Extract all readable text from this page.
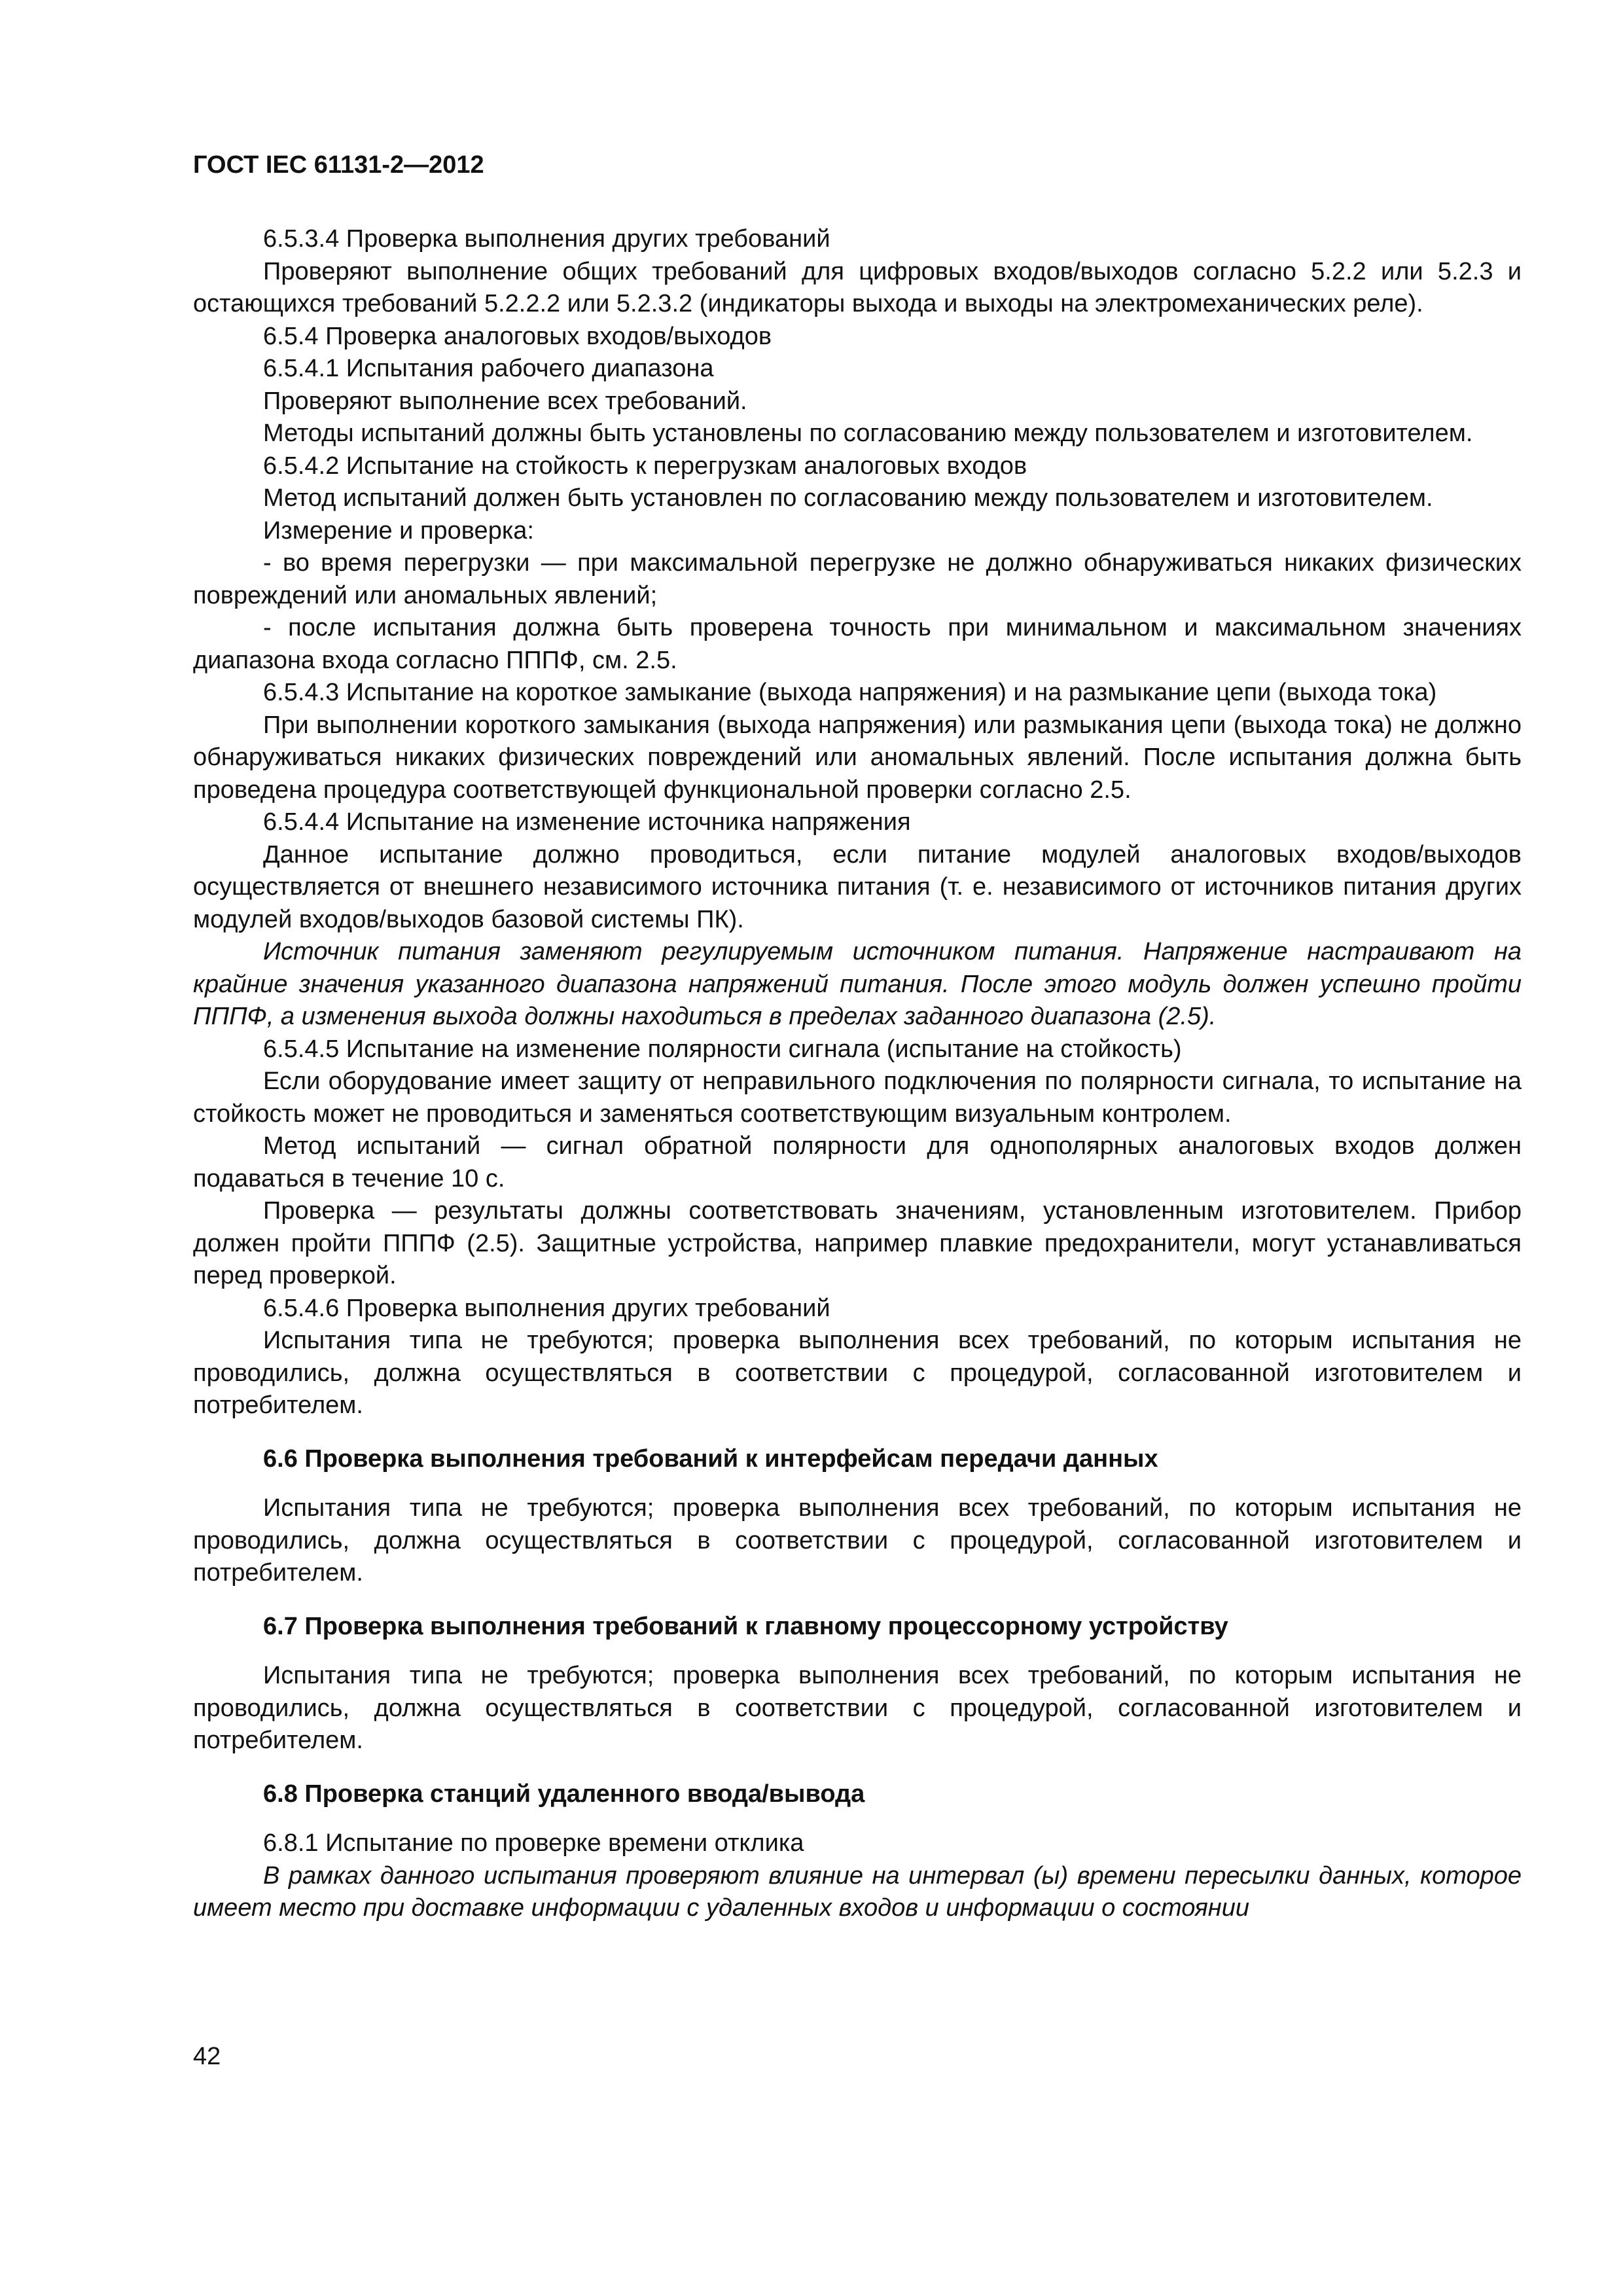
ГОСТ IEC 61131-2—2012

6.5.3.4 Проверка выполнения других требований

Проверяют выполнение общих требований для цифровых входов/выходов согласно 5.2.2 или 5.2.3 и остающихся требований 5.2.2.2 или 5.2.3.2 (индикаторы выхода и выходы на электромеханических реле).

6.5.4 Проверка аналоговых входов/выходов

6.5.4.1 Испытания рабочего диапазона

Проверяют выполнение всех требований.

Методы испытаний должны быть установлены по согласованию между пользователем и изготовителем.

6.5.4.2 Испытание на стойкость к перегрузкам аналоговых входов

Метод испытаний должен быть установлен по согласованию между пользователем и изготовителем.

Измерение и проверка:

- во время перегрузки — при максимальной перегрузке не должно обнаруживаться никаких физических повреждений или аномальных явлений;

- после испытания должна быть проверена точность при минимальном и максимальном значениях диапазона входа согласно ПППФ, см. 2.5.

6.5.4.3 Испытание на короткое замыкание (выхода напряжения) и на размыкание цепи (выхода тока)

При выполнении короткого замыкания (выхода напряжения) или размыкания цепи (выхода тока) не должно обнаруживаться никаких физических повреждений или аномальных явлений. После испытания должна быть проведена процедура соответствующей функциональной проверки согласно 2.5.

6.5.4.4 Испытание на изменение источника напряжения

Данное испытание должно проводиться, если питание модулей аналоговых входов/выходов осуществляется от внешнего независимого источника питания (т. е. независимого от источников питания других модулей входов/выходов базовой системы ПК).

Источник питания заменяют регулируемым источником питания. Напряжение настраивают на крайние значения указанного диапазона напряжений питания. После этого модуль должен успешно пройти ПППФ, а изменения выхода должны находиться в пределах заданного диапазона (2.5).

6.5.4.5 Испытание на изменение полярности сигнала (испытание на стойкость)

Если оборудование имеет защиту от неправильного подключения по полярности сигнала, то испытание на стойкость может не проводиться и заменяться соответствующим визуальным контролем.

Метод испытаний — сигнал обратной полярности для однополярных аналоговых входов должен подаваться в течение 10 с.

Проверка — результаты должны соответствовать значениям, установленным изготовителем. Прибор должен пройти ПППФ (2.5). Защитные устройства, например плавкие предохранители, могут устанавливаться перед проверкой.

6.5.4.6 Проверка выполнения других требований

Испытания типа не требуются; проверка выполнения всех требований, по которым испытания не проводились, должна осуществляться в соответствии с процедурой, согласованной изготовителем и потребителем.

6.6 Проверка выполнения требований к интерфейсам передачи данных

Испытания типа не требуются; проверка выполнения всех требований, по которым испытания не проводились, должна осуществляться в соответствии с процедурой, согласованной изготовителем и потребителем.

6.7 Проверка выполнения требований к главному процессорному устройству

Испытания типа не требуются; проверка выполнения всех требований, по которым испытания не проводились, должна осуществляться в соответствии с процедурой, согласованной изготовителем и потребителем.

6.8 Проверка станций удаленного ввода/вывода

6.8.1 Испытание по проверке времени отклика

В рамках данного испытания проверяют влияние на интервал (ы) времени пересылки данных, которое имеет место при доставке информации с удаленных входов и информации о состоянии

42
